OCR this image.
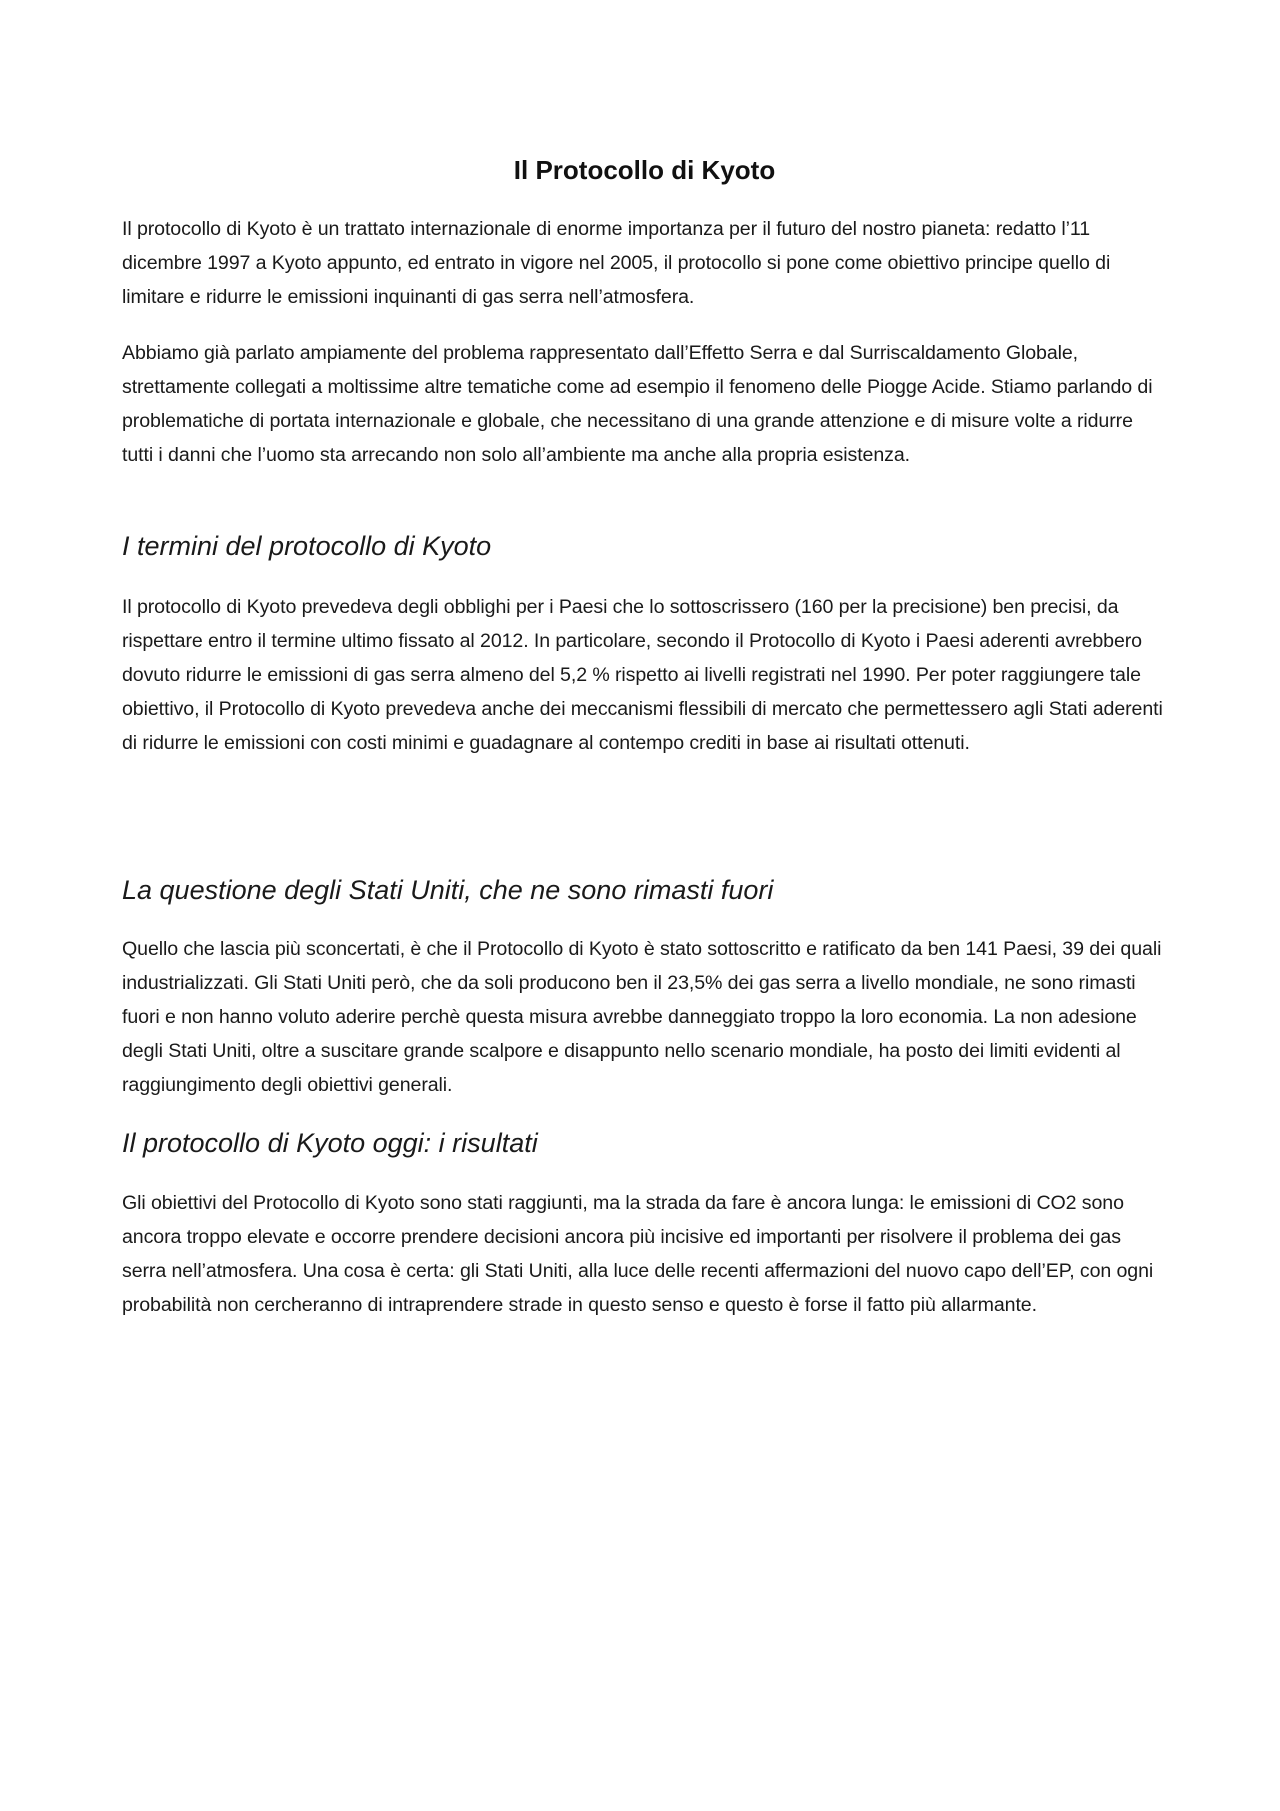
Il Protocollo di Kyoto

Il protocollo di Kyoto è un trattato internazionale di enorme importanza per il futuro del nostro pianeta: redatto l’11 dicembre 1997 a Kyoto appunto, ed entrato in vigore nel 2005, il protocollo si pone come obiettivo principe quello di limitare e ridurre le emissioni inquinanti di gas serra nell’atmosfera.

Abbiamo già parlato ampiamente del problema rappresentato dall’Effetto Serra e dal Surriscaldamento Globale, strettamente collegati a moltissime altre tematiche come ad esempio il fenomeno delle Piogge Acide. Stiamo parlando di problematiche di portata internazionale e globale, che necessitano di una grande attenzione e di misure volte a ridurre tutti i danni che l’uomo sta arrecando non solo all’ambiente ma anche alla propria esistenza.

I termini del protocollo di Kyoto

Il protocollo di Kyoto prevedeva degli obblighi per i Paesi che lo sottoscrissero (160 per la precisione) ben precisi, da rispettare entro il termine ultimo fissato al 2012. In particolare, secondo il Protocollo di Kyoto i Paesi aderenti avrebbero dovuto ridurre le emissioni di gas serra almeno del 5,2 % rispetto ai livelli registrati nel 1990. Per poter raggiungere tale obiettivo, il Protocollo di Kyoto prevedeva anche dei meccanismi flessibili di mercato che permettessero agli Stati aderenti di ridurre le emissioni con costi minimi e guadagnare al contempo crediti in base ai risultati ottenuti.

La questione degli Stati Uniti, che ne sono rimasti fuori

Quello che lascia più sconcertati, è che il Protocollo di Kyoto è stato sottoscritto e ratificato da ben 141 Paesi, 39 dei quali industrializzati. Gli Stati Uniti però, che da soli producono ben il 23,5% dei gas serra a livello mondiale, ne sono rimasti fuori e non hanno voluto aderire perchè questa misura avrebbe danneggiato troppo la loro economia. La non adesione degli Stati Uniti, oltre a suscitare grande scalpore e disappunto nello scenario mondiale, ha posto dei limiti evidenti al raggiungimento degli obiettivi generali.

Il protocollo di Kyoto oggi: i risultati

Gli obiettivi del Protocollo di Kyoto sono stati raggiunti, ma la strada da fare è ancora lunga: le emissioni di CO2 sono ancora troppo elevate e occorre prendere decisioni ancora più incisive ed importanti per risolvere il problema dei gas serra nell’atmosfera. Una cosa è certa: gli Stati Uniti, alla luce delle recenti affermazioni del nuovo capo dell’EP, con ogni probabilità non cercheranno di intraprendere strade in questo senso e questo è forse il fatto più allarmante.
